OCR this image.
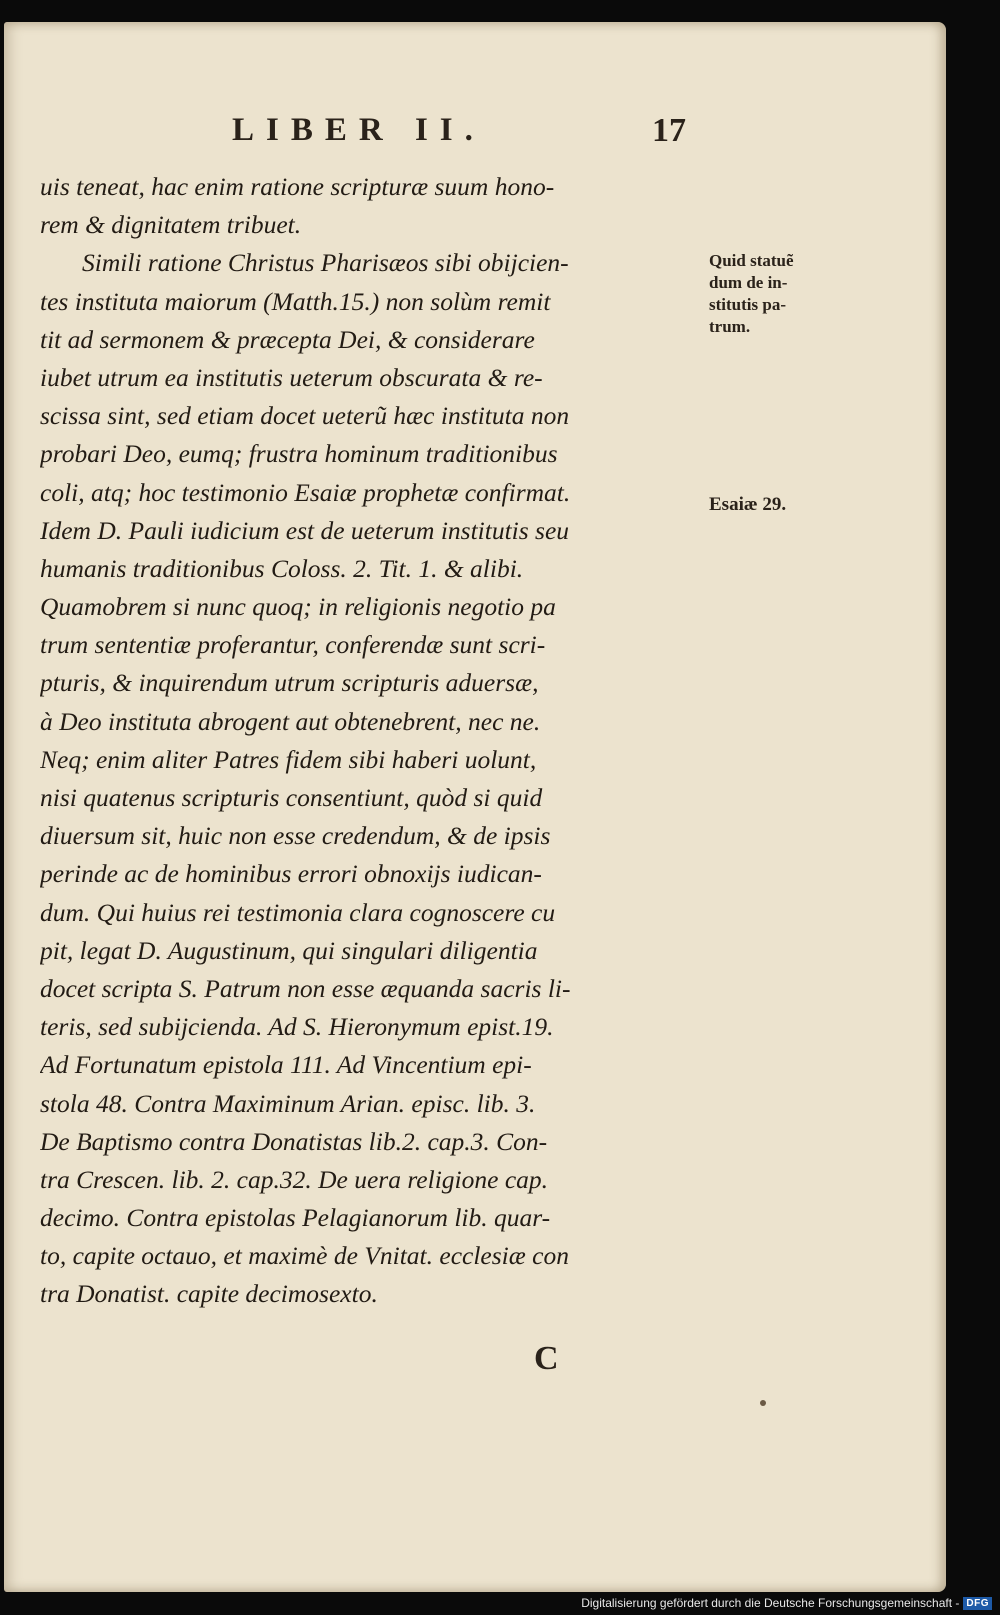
LIBER II.	17
uis teneat, hac enim ratione scripturæ suum hono-
rem & dignitatem tribuet.
Simili ratione Christus Pharisæos sibi obijcien-
tes instituta maiorum (Matth.15.) non solùm remit
tit ad sermonem & præcepta Dei, & considerare
iubet utrum ea institutis ueterum obscurata & re-
scissa sint, sed etiam docet ueterũ hæc instituta non
probari Deo, eumq; frustra hominum traditionibus
coli, atq; hoc testimonio Esaiæ prophetæ confirmat.
Idem D. Pauli iudicium est de ueterum institutis seu
humanis traditionibus Coloss. 2. Tit. 1. & alibi.
Quamobrem si nunc quoq; in religionis negotio pa
trum sententiæ proferantur, conferendæ sunt scri-
pturis, & inquirendum utrum scripturis aduersæ,
à Deo instituta abrogent aut obtenebrent, nec ne.
Neq; enim aliter Patres fidem sibi haberi uolunt,
nisi quatenus scripturis consentiunt, quòd si quid
diuersum sit, huic non esse credendum, & de ipsis
perinde ac de hominibus errori obnoxijs iudican-
dum. Qui huius rei testimonia clara cognoscere cu
pit, legat D. Augustinum, qui singulari diligentia
docet scripta S. Patrum non esse æquanda sacris li-
teris, sed subijcienda. Ad S. Hieronymum epist.19.
Ad Fortunatum epistola 111. Ad Vincentium epi-
stola 48. Contra Maximinum Arian. episc. lib. 3.
De Baptismo contra Donatistas lib.2. cap.3. Con-
tra Crescen. lib. 2. cap.32. De uera religione cap.
decimo. Contra epistolas Pelagianorum lib. quar-
to, capite octauo, et maximè de Vnitat. ecclesiæ con
tra Donatist. capite decimosexto.
Quid statuẽ
dum de in-
stitutis pa-
trum.
Esaiæ 29.
C
Digitalisierung gefördert durch die Deutsche Forschungsgemeinschaft - DFG
